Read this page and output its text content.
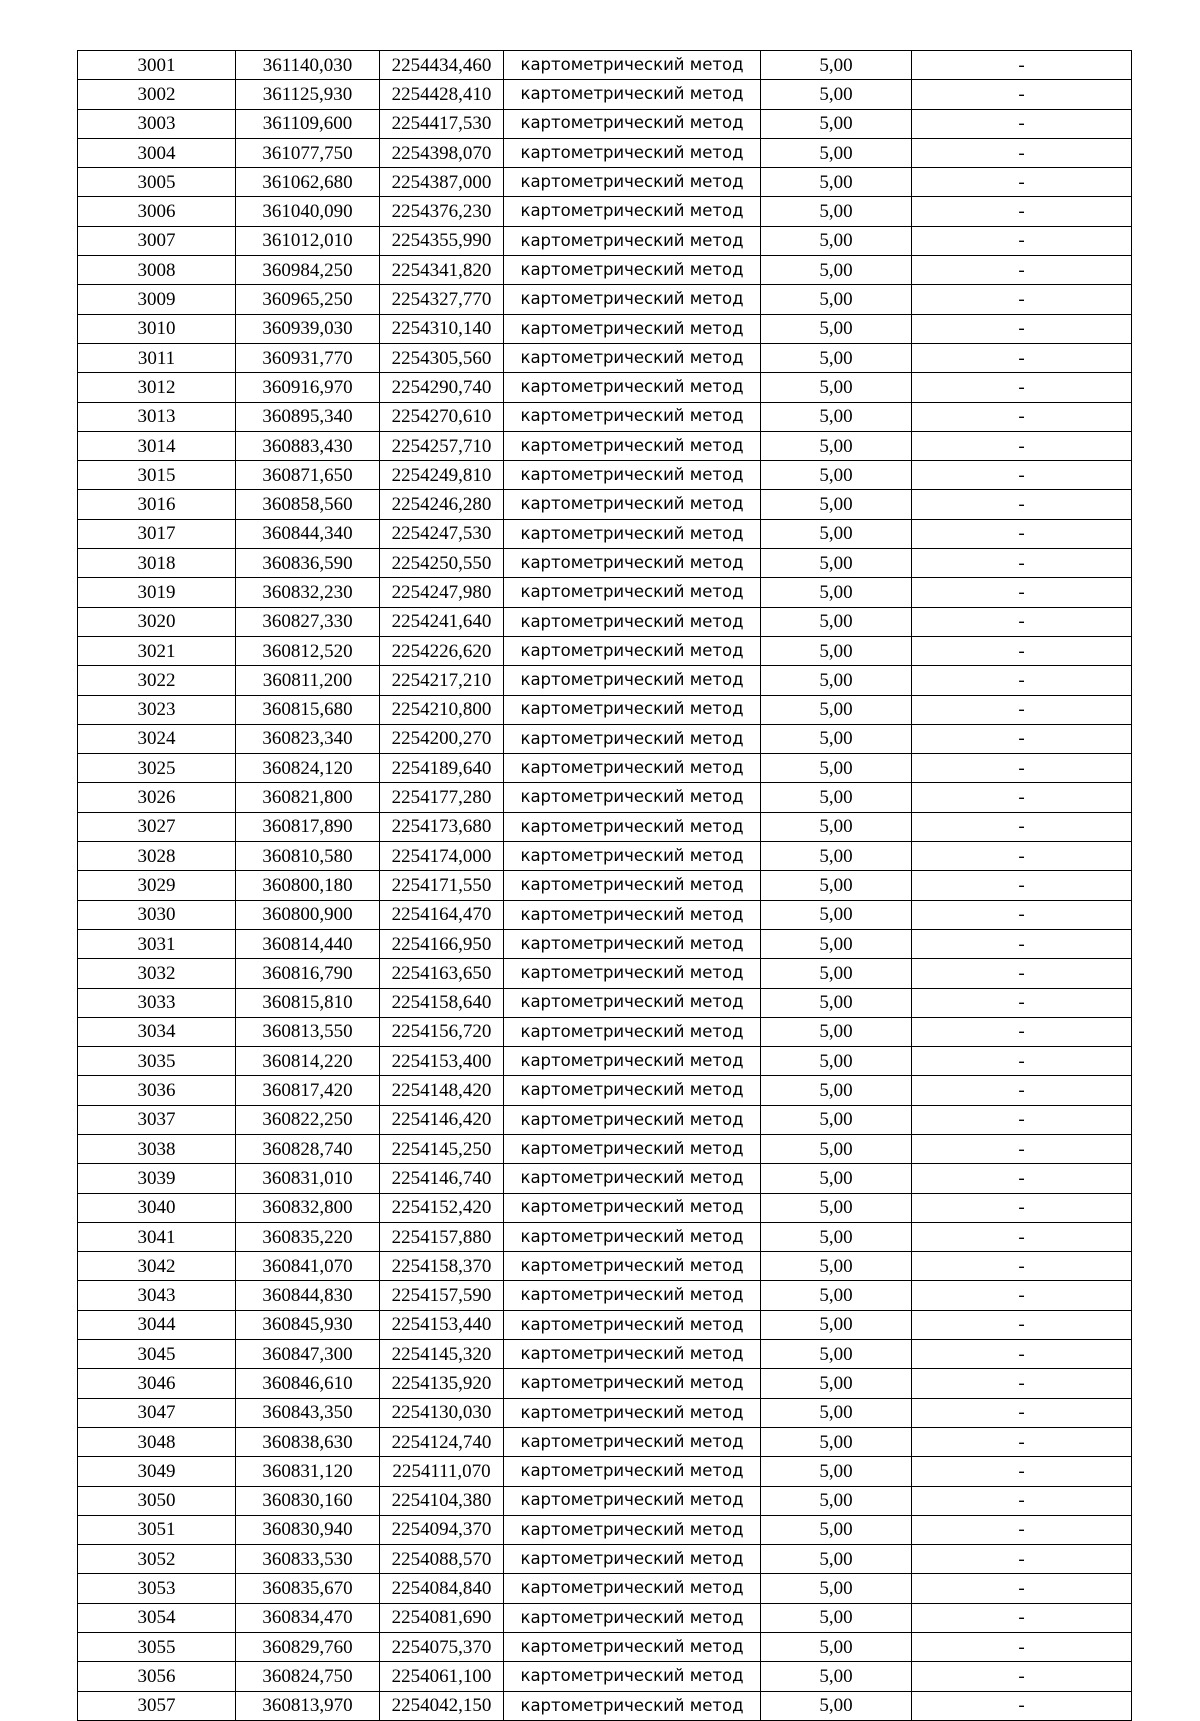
3001	361140,030	2254434,460	картометрический метод	5,00	-
3002	361125,930	2254428,410	картометрический метод	5,00	-
3003	361109,600	2254417,530	картометрический метод	5,00	-
3004	361077,750	2254398,070	картометрический метод	5,00	-
3005	361062,680	2254387,000	картометрический метод	5,00	-
3006	361040,090	2254376,230	картометрический метод	5,00	-
3007	361012,010	2254355,990	картометрический метод	5,00	-
3008	360984,250	2254341,820	картометрический метод	5,00	-
3009	360965,250	2254327,770	картометрический метод	5,00	-
3010	360939,030	2254310,140	картометрический метод	5,00	-
3011	360931,770	2254305,560	картометрический метод	5,00	-
3012	360916,970	2254290,740	картометрический метод	5,00	-
3013	360895,340	2254270,610	картометрический метод	5,00	-
3014	360883,430	2254257,710	картометрический метод	5,00	-
3015	360871,650	2254249,810	картометрический метод	5,00	-
3016	360858,560	2254246,280	картометрический метод	5,00	-
3017	360844,340	2254247,530	картометрический метод	5,00	-
3018	360836,590	2254250,550	картометрический метод	5,00	-
3019	360832,230	2254247,980	картометрический метод	5,00	-
3020	360827,330	2254241,640	картометрический метод	5,00	-
3021	360812,520	2254226,620	картометрический метод	5,00	-
3022	360811,200	2254217,210	картометрический метод	5,00	-
3023	360815,680	2254210,800	картометрический метод	5,00	-
3024	360823,340	2254200,270	картометрический метод	5,00	-
3025	360824,120	2254189,640	картометрический метод	5,00	-
3026	360821,800	2254177,280	картометрический метод	5,00	-
3027	360817,890	2254173,680	картометрический метод	5,00	-
3028	360810,580	2254174,000	картометрический метод	5,00	-
3029	360800,180	2254171,550	картометрический метод	5,00	-
3030	360800,900	2254164,470	картометрический метод	5,00	-
3031	360814,440	2254166,950	картометрический метод	5,00	-
3032	360816,790	2254163,650	картометрический метод	5,00	-
3033	360815,810	2254158,640	картометрический метод	5,00	-
3034	360813,550	2254156,720	картометрический метод	5,00	-
3035	360814,220	2254153,400	картометрический метод	5,00	-
3036	360817,420	2254148,420	картометрический метод	5,00	-
3037	360822,250	2254146,420	картометрический метод	5,00	-
3038	360828,740	2254145,250	картометрический метод	5,00	-
3039	360831,010	2254146,740	картометрический метод	5,00	-
3040	360832,800	2254152,420	картометрический метод	5,00	-
3041	360835,220	2254157,880	картометрический метод	5,00	-
3042	360841,070	2254158,370	картометрический метод	5,00	-
3043	360844,830	2254157,590	картометрический метод	5,00	-
3044	360845,930	2254153,440	картометрический метод	5,00	-
3045	360847,300	2254145,320	картометрический метод	5,00	-
3046	360846,610	2254135,920	картометрический метод	5,00	-
3047	360843,350	2254130,030	картометрический метод	5,00	-
3048	360838,630	2254124,740	картометрический метод	5,00	-
3049	360831,120	2254111,070	картометрический метод	5,00	-
3050	360830,160	2254104,380	картометрический метод	5,00	-
3051	360830,940	2254094,370	картометрический метод	5,00	-
3052	360833,530	2254088,570	картометрический метод	5,00	-
3053	360835,670	2254084,840	картометрический метод	5,00	-
3054	360834,470	2254081,690	картометрический метод	5,00	-
3055	360829,760	2254075,370	картометрический метод	5,00	-
3056	360824,750	2254061,100	картометрический метод	5,00	-
3057	360813,970	2254042,150	картометрический метод	5,00	-
